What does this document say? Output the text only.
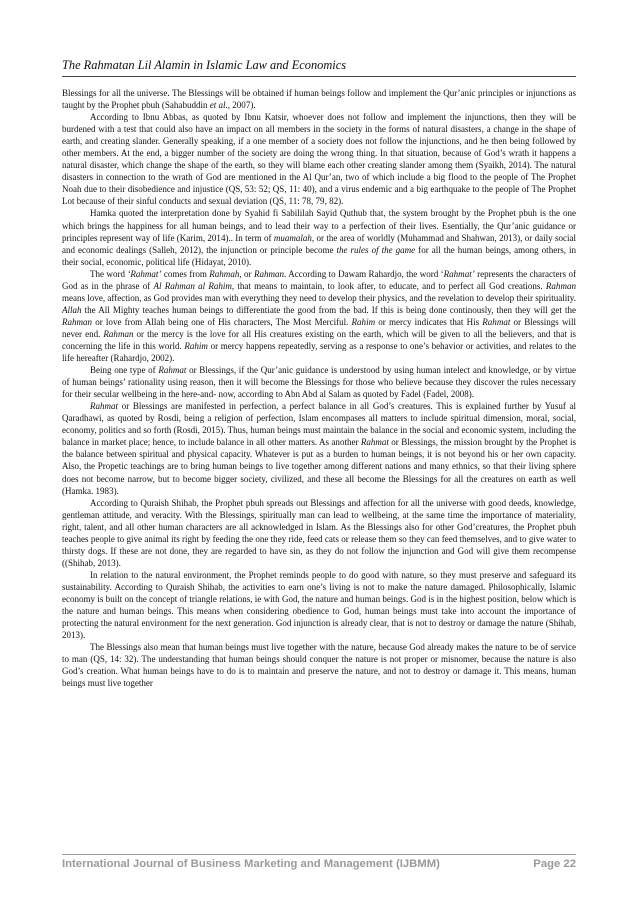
The Rahmatan Lil Alamin in Islamic Law and Economics

Blessings for all the universe. The Blessings will be obtained if human beings follow and implement the Qur’anic principles or injunctions as taught by the Prophet pbuh (Sahabuddin et al., 2007).

According to Ibnu Abbas, as quoted by Ibnu Katsir, whoever does not follow and implement the injunctions, then they will be burdened with a test that could also have an impact on all members in the society in the forms of natural disasters, a change in the shape of earth, and creating slander. Generally speaking, if a one member of a society does not follow the injunctions, and he then being followed by other members. At the end, a bigger number of the society are doing the wrong thing. In that situation, because of God’s wrath it happens a natural disaster, which change the shape of the earth, so they will blame each other creating slander among them (Syaikh, 2014). The natural disasters in connection to the wrath of God are mentioned in the Al Qur’an, two of which include a big flood to the people of The Prophet Noah due to their disobedience and injustice (QS, 53: 52; QS, 11: 40), and a virus endemic and a big earthquake to the people of The Prophet Lot because of their sinful conducts and sexual deviation (QS, 11: 78, 79, 82).

Hamka quoted the interpretation done by Syahid fi Sabililah Sayid Quthub that, the system brought by the Prophet pbuh is the one which brings the happiness for all human beings, and to lead their way to a perfection of their lives. Esentially, the Qur’anic guidance or principles represent way of life (Karim, 2014).. In term of muamalah, or the area of worldly (Muhammad and Shahwan, 2013), or daily social and economic dealings (Salleh, 2012), the injunction or principle become the rules of the game for all the human beings, among others, in their social, economic, political life (Hidayat, 2010).

The word ‘Rahmat’ comes from Rahmah, or Rahman. According to Dawam Rahardjo, the word ‘Rahmat’ represents the characters of God as in the phrase of Al Rahman al Rahim, that means to maintain, to look after, to educate, and to perfect all God creations. Rahman means love, affection, as God provides man with everything they need to develop their physics, and the revelation to develop their spirituality. Allah the All Mighty teaches human beings to differentiate the good from the bad. If this is being done continously, then they will get the Rahman or love from Allah being one of His characters, The Most Merciful. Rahim or mercy indicates that His Rahmat or Blessings will never end. Rahman or the mercy is the love for all His creatures existing on the earth, which will be given to all the believers, and that is concerning the life in this world. Rahim or mercy happens repeatedly, serving as a response to one’s behavior or activities, and relates to the life hereafter (Rahardjo, 2002).

Being one type of Rahmat or Blessings, if the Qur’anic guidance is understood by using human intelect and knowledge, or by virtue of human beings’ rationality using reason, then it will become the Blessings for those who believe because they discover the rules necessary for their secular wellbeing in the here-and- now, according to Abn Abd al Salam as quoted by Fadel (Fadel, 2008).

Rahmat or Blessings are manifested in perfection, a perfect balance in all God’s creatures. This is explained further by Yusuf al Qaradhawi, as quoted by Rosdi, being a religion of perfection, Islam encompases all matters to include spiritual dimension, moral, social, economy, politics and so forth (Rosdi, 2015). Thus, human beings must maintain the balance in the social and economic system, including the balance in market place; hence, to include balance in all other matters. As another Rahmat or Blessings, the mission brought by the Prophet is the balance between spiritual and physical capacity. Whatever is put as a burden to human beings, it is not beyond his or her own capacity. Also, the Propetic teachings are to bring human beings to live together among different nations and many ethnics, so that their living sphere does not become narrow, but to become bigger society, civilized, and these all become the Blessings for all the creatures on earth as well (Hamka. 1983).

According to Quraish Shihab, the Prophet pbuh spreads out Blessings and affection for all the universe with good deeds, knowledge, gentleman attitude, and veracity. With the Blessings, spiritually man can lead to wellbeing, at the same time the importance of materiality, right, talent, and all other human characters are all acknowledged in Islam. As the Blessings also for other God’creatures, the Prophet pbuh teaches people to give animal its right by feeding the one they ride, feed cats or release them so they can feed themselves, and to give water to thirsty dogs. If these are not done, they are regarded to have sin, as they do not follow the injunction and God will give them recompense ((Shihab, 2013).

In relation to the natural environment, the Prophet reminds people to do good with nature, so they must preserve and safeguard its sustainability. According to Quraish Shihab, the activities to earn one’s living is not to make the nature damaged. Philosophically, Islamic economy is built on the concept of triangle relations, ie with God, the nature and human beings. God is in the highest position, below which is the nature and human beings. This means when considering obedience to God, human beings must take into account the importance of protecting the natural environment for the next generation. God injunction is already clear, that is not to destroy or damage the nature (Shihab, 2013).

The Blessings also mean that human beings must live together with the nature, because God already makes the nature to be of service to man (QS, 14: 32). The understanding that human beings should conquer the nature is not proper or misnomer, because the nature is also God’s creation. What human beings have to do is to maintain and preserve the nature, and not to destroy or damage it. This means, human beings must live together

International Journal of Business Marketing and Management (IJBMM)	Page 22
